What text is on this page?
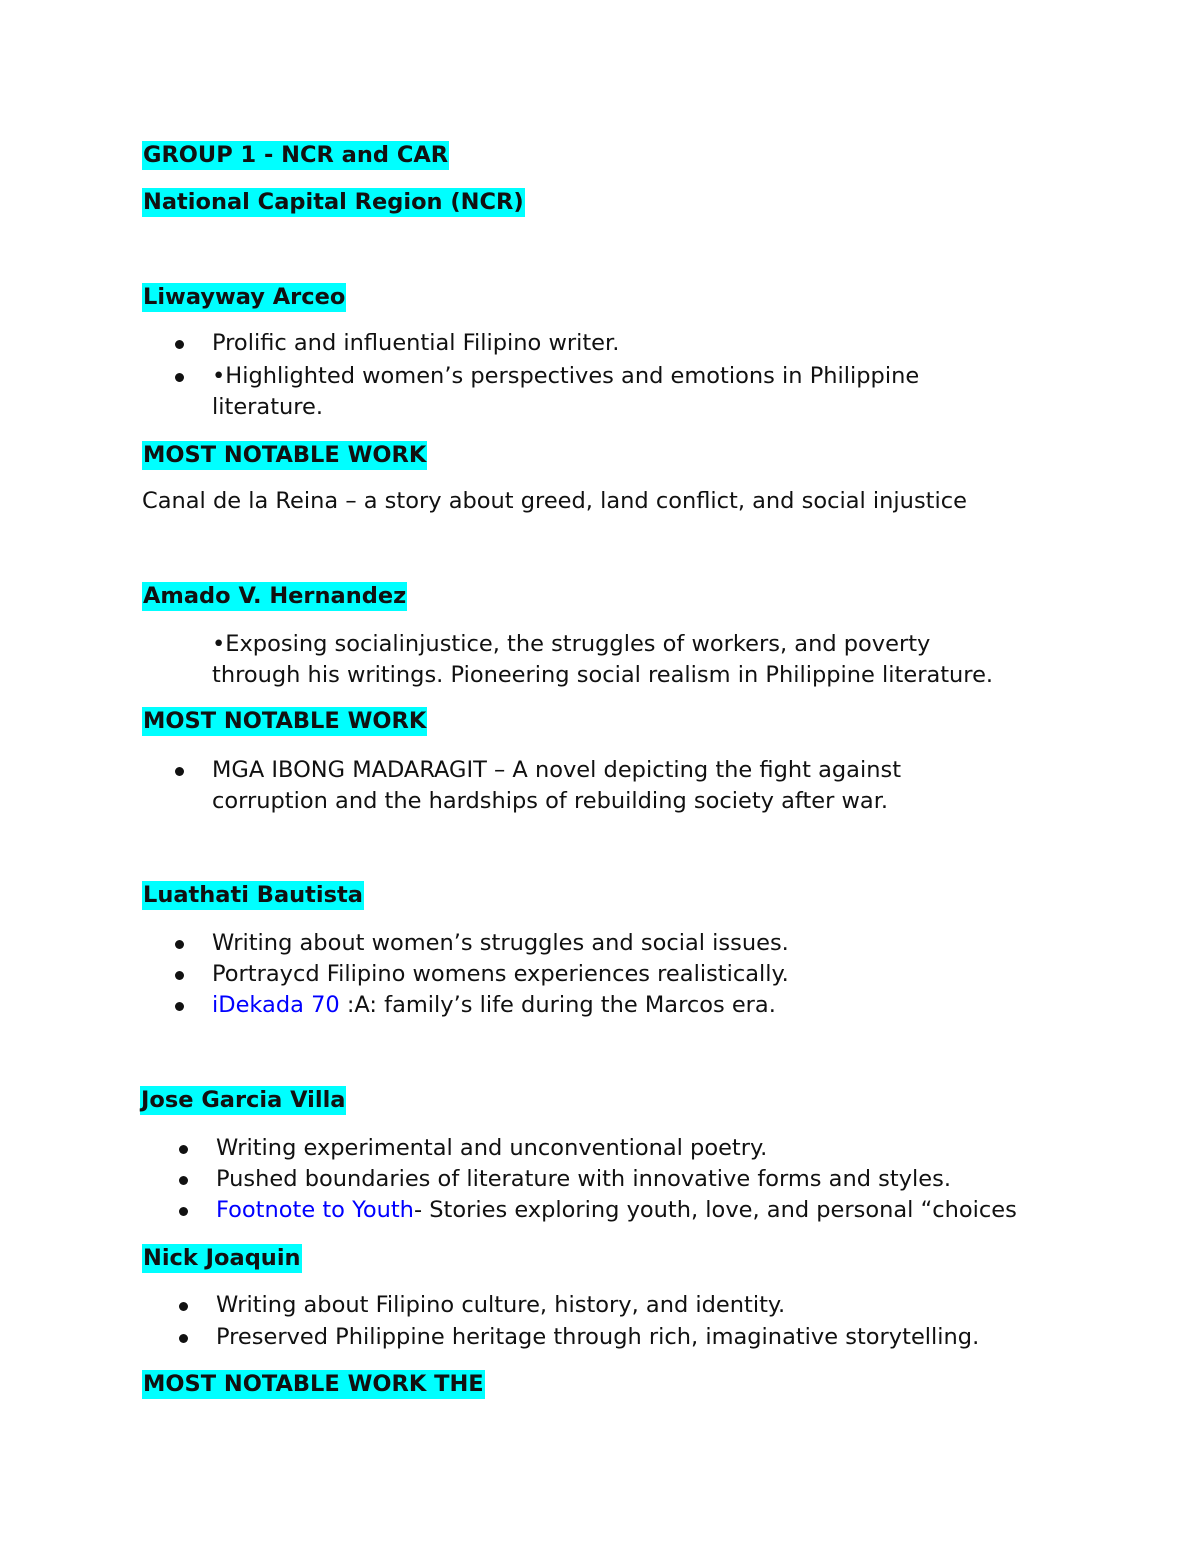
GROUP 1 - NCR and CAR
National Capital Region (NCR)
Liwayway Arceo
Prolific and influential Filipino writer.
•Highlighted women’s perspectives and emotions in Philippine
literature.
MOST NOTABLE WORK
Canal de la Reina – a story about greed, land conflict, and social injustice
Amado V. Hernandez
•Exposing socialinjustice, the struggles of workers, and poverty
through his writings. Pioneering social realism in Philippine literature.
MOST NOTABLE WORK
MGA IBONG MADARAGIT – A novel depicting the fight against
corruption and the hardships of rebuilding society after war.
Luathati Bautista
Writing about women’s struggles and social issues.
Portraycd Filipino womens experiences realistically.
iDekada 70 :A: family’s life during the Marcos era.
Jose Garcia Villa
Writing experimental and unconventional poetry.
Pushed boundaries of literature with innovative forms and styles.
Footnote to Youth- Stories exploring youth, love, and personal “choices
Nick Joaquin
Writing about Filipino culture, history, and identity.
Preserved Philippine heritage through rich, imaginative storytelling.
MOST NOTABLE WORK THE
